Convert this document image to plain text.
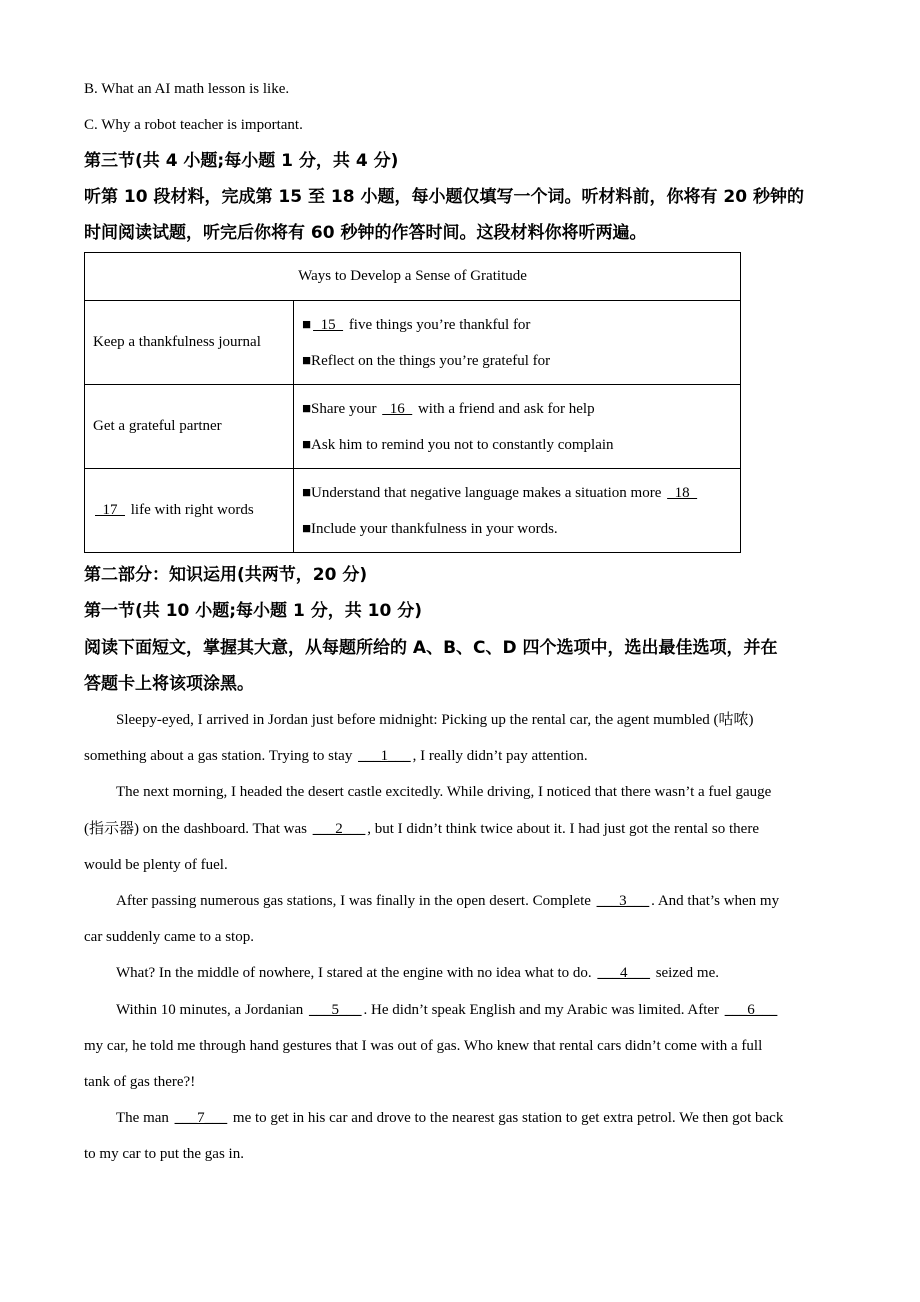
B. What an AI math lesson is like.
C. Why a robot teacher is important.
第三节(共 4 小题;每小题 1 分，共 4 分)
听第 10 段材料，完成第 15 至 18 小题，每小题仅填写一个词。听材料前，你将有 20 秒钟的
时间阅读试题，听完后你将有 60 秒钟的作答时间。这段材料你将听两遍。
Ways to Develop a Sense of Gratitude	
Keep a thankfulness journal	■  15   five things you’re thankful for
■Reflect on the things you’re grateful for

Get a grateful partner	■Share your   16   with a friend and ask for help
■Ask him to remind you not to constantly complain

17   life with right words	■Understand that negative language makes a situation more   18
■Include your thankfulness in your words.
第二部分：知识运用(共两节，20 分)
第一节(共 10 小题;每小题 1 分，共 10 分)
阅读下面短文，掌握其大意，从每题所给的 A、B、C、D 四个选项中，选出最佳选项，并在
答题卡上将该项涂黑。
Sleepy-eyed, I arrived in Jordan just before midnight: Picking up the rental car, the agent mumbled (咕哝)
something about a gas station. Trying to stay ___1___ , I really didn’t pay attention.
The next morning, I headed the desert castle excitedly. While driving, I noticed that there wasn’t a fuel gauge
(指示器) on the dashboard. That was ___2___ , but I didn’t think twice about it. I had just got the rental so there
would be plenty of fuel.
After passing numerous gas stations, I was finally in the open desert. Complete ___3___ . And that’s when my
car suddenly came to a stop.
What? In the middle of nowhere, I stared at the engine with no idea what to do. ___4___ seized me.
Within 10 minutes, a Jordanian ___5___ . He didn’t speak English and my Arabic was limited. After ___6___
my car, he told me through hand gestures that I was out of gas. Who knew that rental cars didn’t come with a full
tank of gas there?!
The man ___7___ me to get in his car and drove to the nearest gas station to get extra petrol. We then got back
to my car to put the gas in.
